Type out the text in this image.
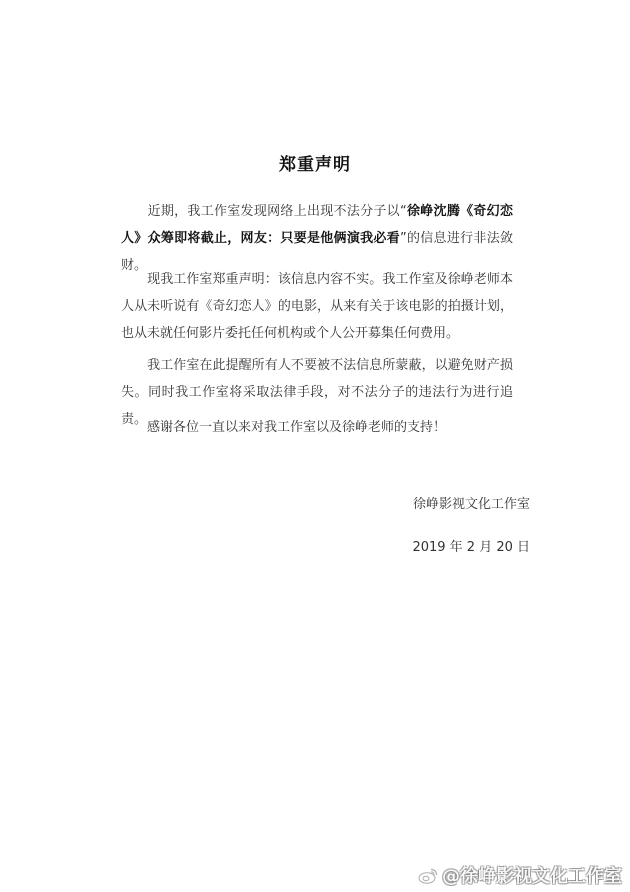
郑重声明

　　近期，我工作室发现网络上出现不法分子以“徐峥沈腾《奇幻恋人》众筹即将截止，网友：只要是他俩演我必看”的信息进行非法敛财。

　　现我工作室郑重声明：该信息内容不实。我工作室及徐峥老师本人从未听说有《奇幻恋人》的电影，从来有关于该电影的拍摄计划，也从未就任何影片委托任何机构或个人公开募集任何费用。

　　我工作室在此提醒所有人不要被不法信息所蒙蔽，以避免财产损失。同时我工作室将采取法律手段，对不法分子的违法行为进行追责。

　　感谢各位一直以来对我工作室以及徐峥老师的支持！

徐峥影视文化工作室
2019 年 2 月 20 日
@徐峥影视文化工作室
